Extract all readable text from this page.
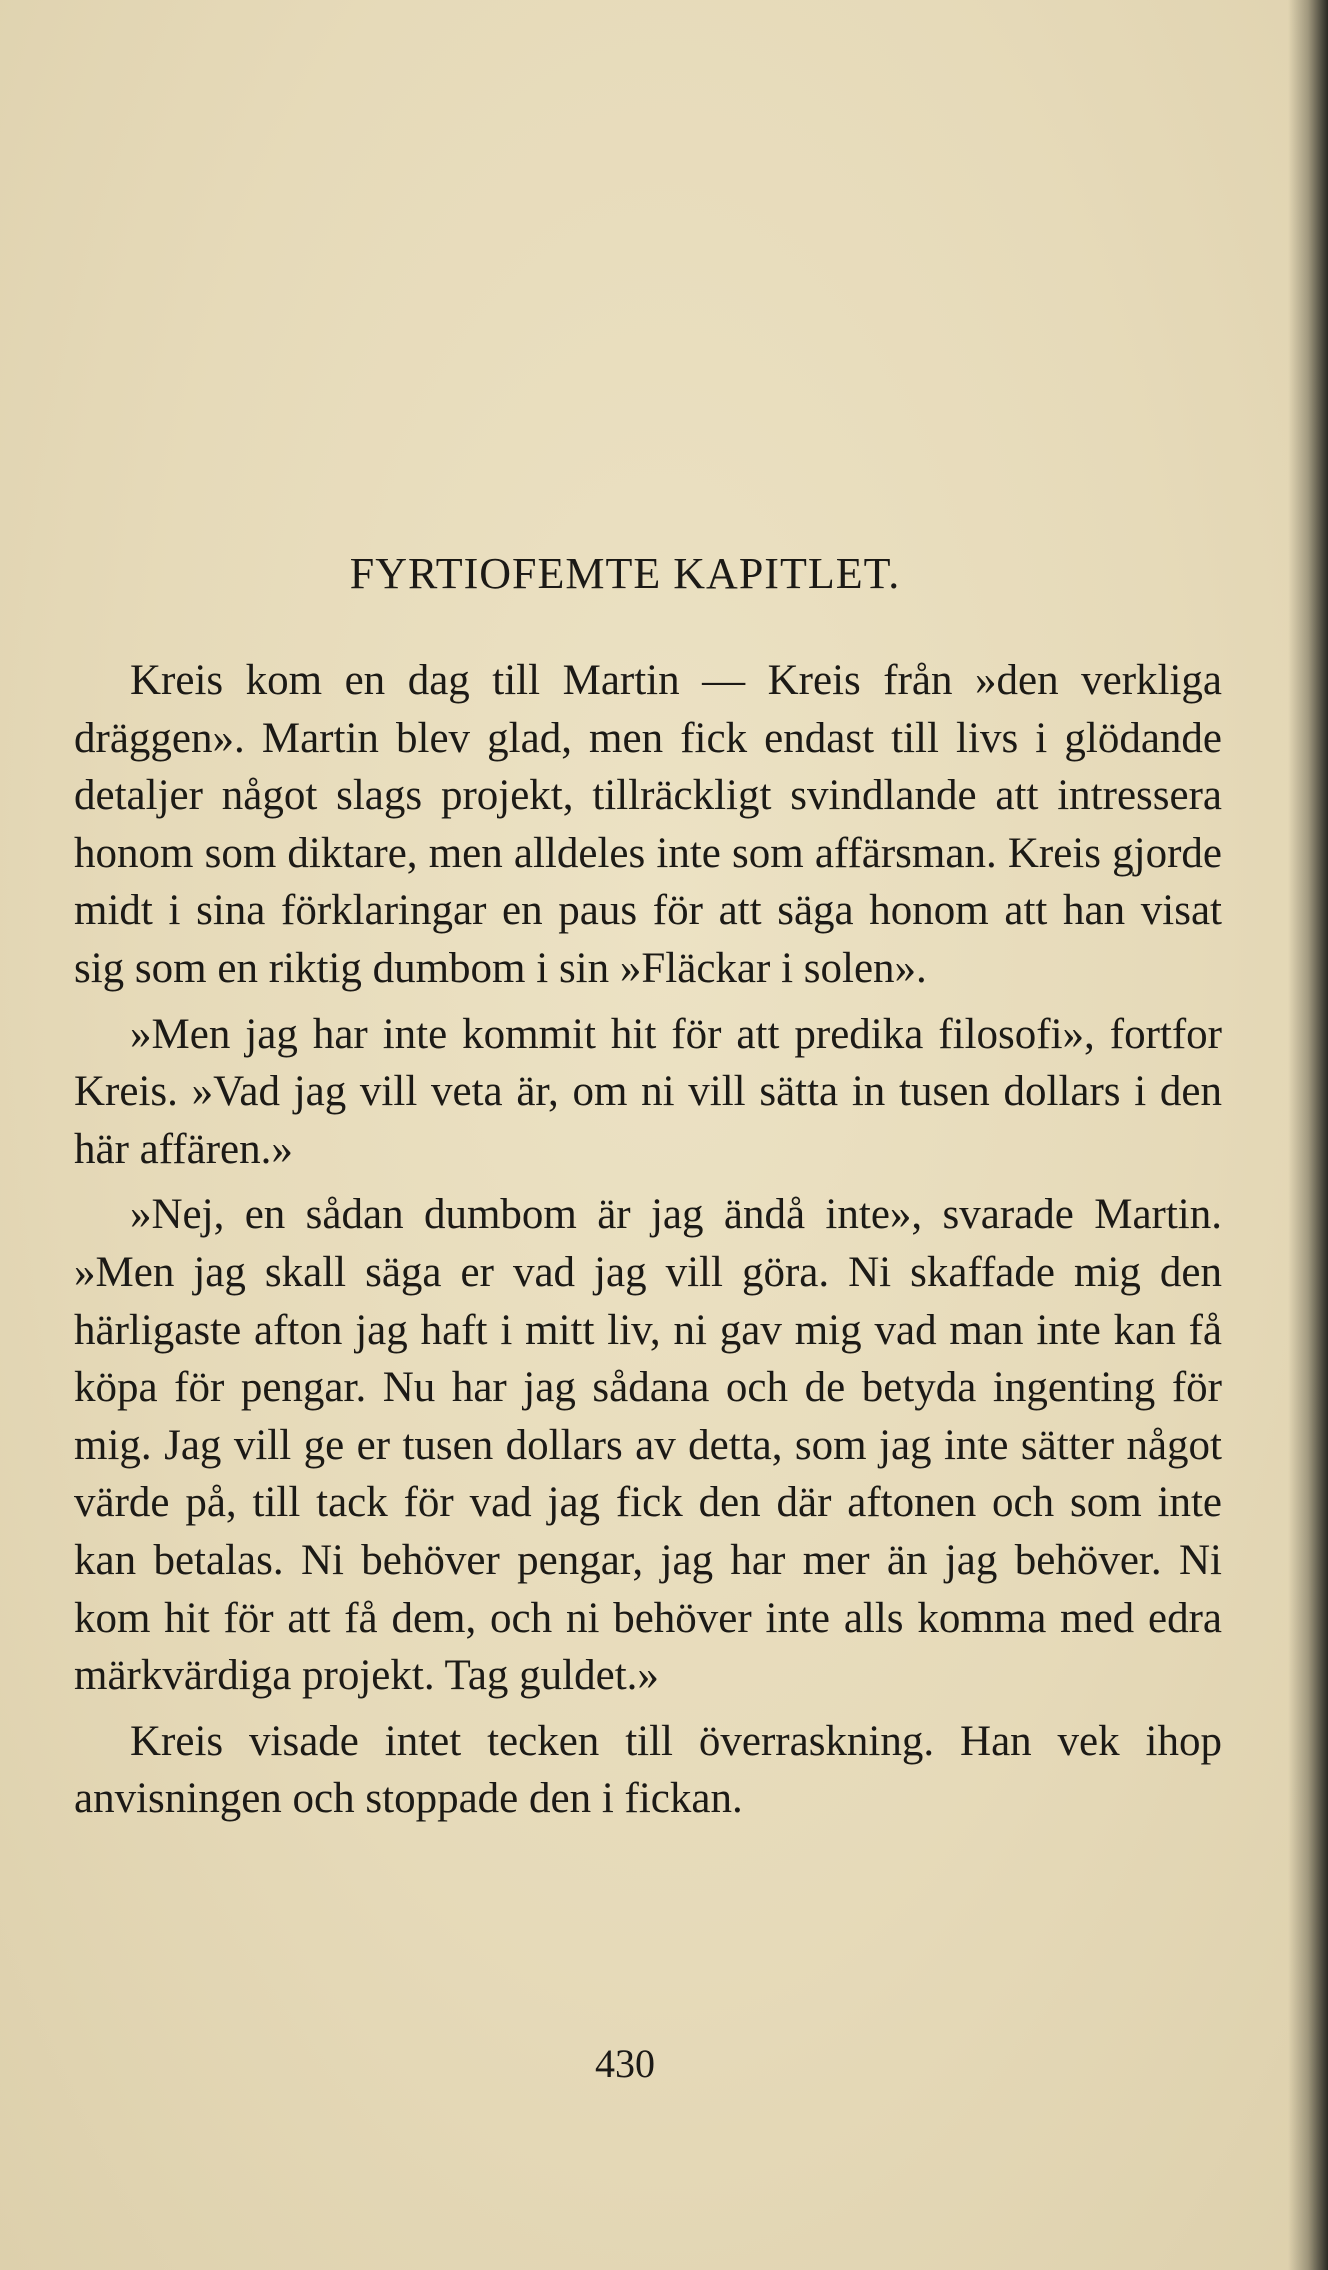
FYRTIOFEMTE KAPITLET.

Kreis kom en dag till Martin — Kreis från »den verkliga dräggen». Martin blev glad, men fick endast till livs i glödande detaljer något slags projekt, tillräckligt svindlande att intressera honom som diktare, men alldeles inte som affärsman. Kreis gjorde midt i sina förklaringar en paus för att säga honom att han visat sig som en riktig dumbom i sin »Fläckar i solen».

»Men jag har inte kommit hit för att predika filosofi», fortfor Kreis. »Vad jag vill veta är, om ni vill sätta in tusen dollars i den här affären.»

»Nej, en sådan dumbom är jag ändå inte», svarade Martin. »Men jag skall säga er vad jag vill göra. Ni skaffade mig den härligaste afton jag haft i mitt liv, ni gav mig vad man inte kan få köpa för pengar. Nu har jag sådana och de betyda ingenting för mig. Jag vill ge er tusen dollars av detta, som jag inte sätter något värde på, till tack för vad jag fick den där aftonen och som inte kan betalas. Ni behöver pengar, jag har mer än jag behöver. Ni kom hit för att få dem, och ni behöver inte alls komma med edra märkvärdiga projekt. Tag guldet.»

Kreis visade intet tecken till överraskning. Han vek ihop anvisningen och stoppade den i fickan.

430
